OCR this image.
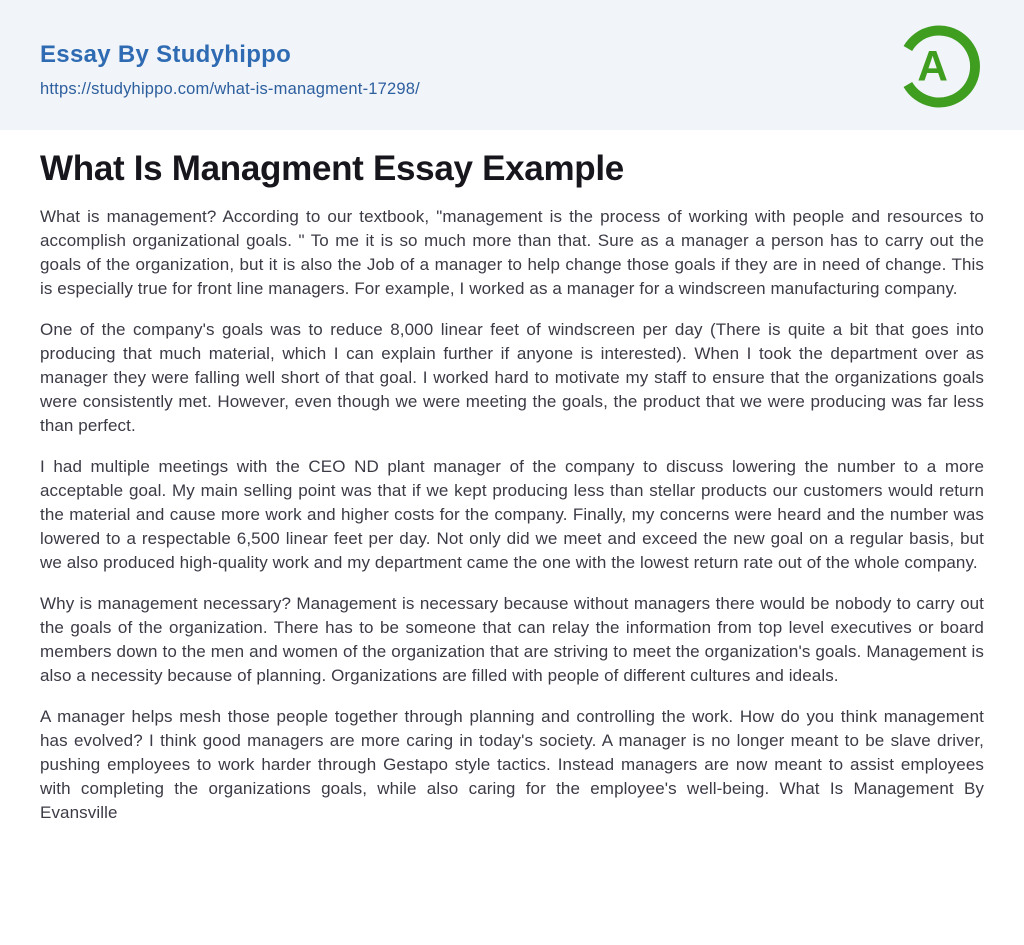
Essay By Studyhippo
https://studyhippo.com/what-is-managment-17298/	A
What Is Managment Essay Example

What is management? According to our textbook, "management is the process of working with people and resources to accomplish organizational goals. " To me it is so much more than that. Sure as a manager a person has to carry out the goals of the organization, but it is also the Job of a manager to help change those goals if they are in need of change. This is especially true for front line managers. For example, I worked as a manager for a windscreen manufacturing company.

One of the company's goals was to reduce 8,000 linear feet of windscreen per day (There is quite a bit that goes into producing that much material, which I can explain further if anyone is interested). When I took the department over as manager they were falling well short of that goal. I worked hard to motivate my staff to ensure that the organizations goals were consistently met. However, even though we were meeting the goals, the product that we were producing was far less than perfect.

I had multiple meetings with the CEO ND plant manager of the company to discuss lowering the number to a more acceptable goal. My main selling point was that if we kept producing less than stellar products our customers would return the material and cause more work and higher costs for the company. Finally, my concerns were heard and the number was lowered to a respectable 6,500 linear feet per day. Not only did we meet and exceed the new goal on a regular basis, but we also produced high-quality work and my department came the one with the lowest return rate out of the whole company.

Why is management necessary? Management is necessary because without managers there would be nobody to carry out the goals of the organization. There has to be someone that can relay the information from top level executives or board members down to the men and women of the organization that are striving to meet the organization's goals. Management is also a necessity because of planning. Organizations are filled with people of different cultures and ideals.

A manager helps mesh those people together through planning and controlling the work. How do you think management has evolved? I think good managers are more caring in today's society. A manager is no longer meant to be slave driver, pushing employees to work harder through Gestapo style tactics. Instead managers are now meant to assist employees with completing the organizations goals, while also caring for the employee's well-being. What Is Management By Evansville
